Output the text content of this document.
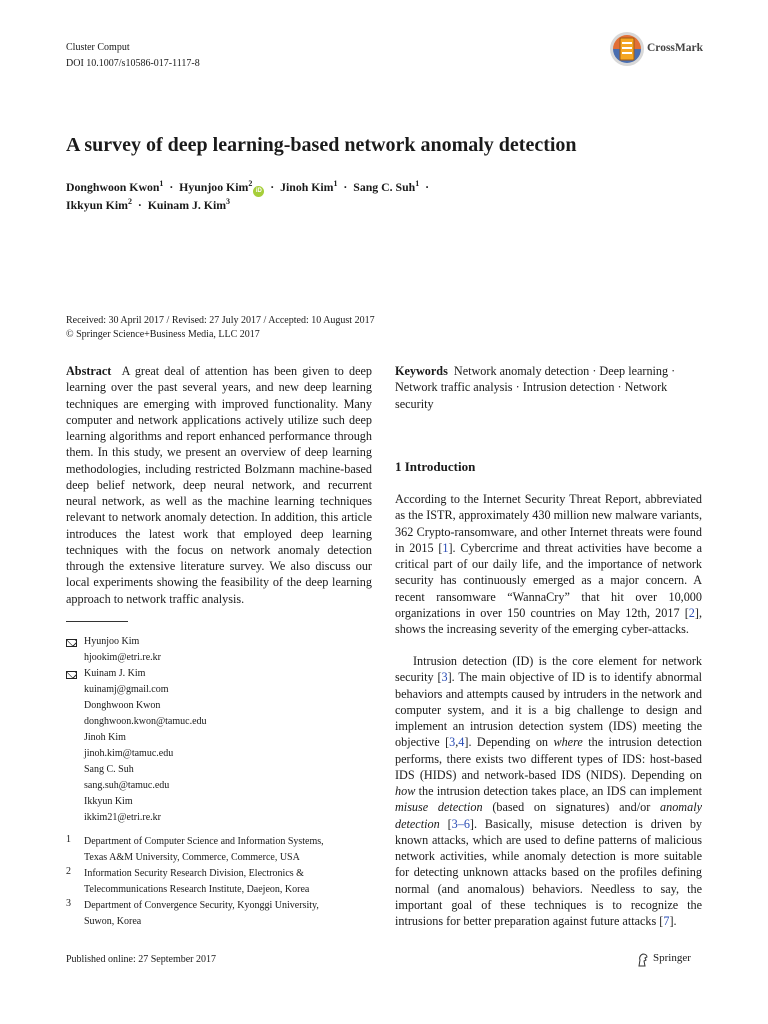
Cluster Comput
DOI 10.1007/s10586-017-1117-8
CrossMark
A survey of deep learning-based network anomaly detection
Donghwoon Kwon$^1$ · Hyunjoo Kim$^2$iD · Jinoh Kim$^1$ · Sang C. Suh$^1$ ·
Ikkyun Kim$^2$ · Kuinam J. Kim$^3$
Received: 30 April 2017 / Revised: 27 July 2017 / Accepted: 10 August 2017
© Springer Science+Business Media, LLC 2017
Abstract A great deal of attention has been given to deep learning over the past several years, and new deep learning techniques are emerging with improved functionality. Many computer and network applications actively utilize such deep learning algorithms and report enhanced performance through them. In this study, we present an overview of deep learning methodologies, including restricted Bolzmann machine-based deep belief network, deep neural network, and recurrent neural network, as well as the machine learning techniques relevant to network anomaly detection. In addition, this article introduces the latest work that employed deep learning techniques with the focus on network anomaly detection through the extensive literature survey. We also discuss our local experiments showing the feasibility of the deep learning approach to network traffic analysis.
Keywords Network anomaly detection · Deep learning · Network traffic analysis · Intrusion detection · Network security
Hyunjoo Kim
hjookim@etri.re.kr
Kuinam J. Kim
kuinamj@gmail.com
Donghwoon Kwon
donghwoon.kwon@tamuc.edu
Jinoh Kim
jinoh.kim@tamuc.edu
Sang C. Suh
sang.suh@tamuc.edu
Ikkyun Kim
ikkim21@etri.re.kr
1 Department of Computer Science and Information Systems,
Texas A&M University, Commerce, Commerce, USA
2 Information Security Research Division, Electronics &
Telecommunications Research Institute, Daejeon, Korea
3 Department of Convergence Security, Kyonggi University,
Suwon, Korea
1 Introduction
According to the Internet Security Threat Report, abbreviated as the ISTR, approximately 430 million new malware variants, 362 Crypto-ransomware, and other Internet threats were found in 2015 [1]. Cybercrime and threat activities have become a critical part of our daily life, and the importance of network security has continuously emerged as a major concern. A recent ransomware “WannaCry” that hit over 10,000 organizations in over 150 countries on May 12th, 2017 [2], shows the increasing severity of the emerging cyber-attacks.
Intrusion detection (ID) is the core element for network security [3]. The main objective of ID is to identify abnormal behaviors and attempts caused by intruders in the network and computer system, and it is a big challenge to design and implement an intrusion detection system (IDS) meeting the objective [3,4]. Depending on where the intrusion detection performs, there exists two different types of IDS: host-based IDS (HIDS) and network-based IDS (NIDS). Depending on how the intrusion detection takes place, an IDS can implement misuse detection (based on signatures) and/or anomaly detection [3–6]. Basically, misuse detection is driven by known attacks, which are used to define patterns of malicious network activities, while anomaly detection is more suitable for detecting unknown attacks based on the profiles defining normal (and anomalous) behaviors. Needless to say, the important goal of these techniques is to recognize the intrusions for better preparation against future attacks [7].
Published online: 27 September 2017	Springer
